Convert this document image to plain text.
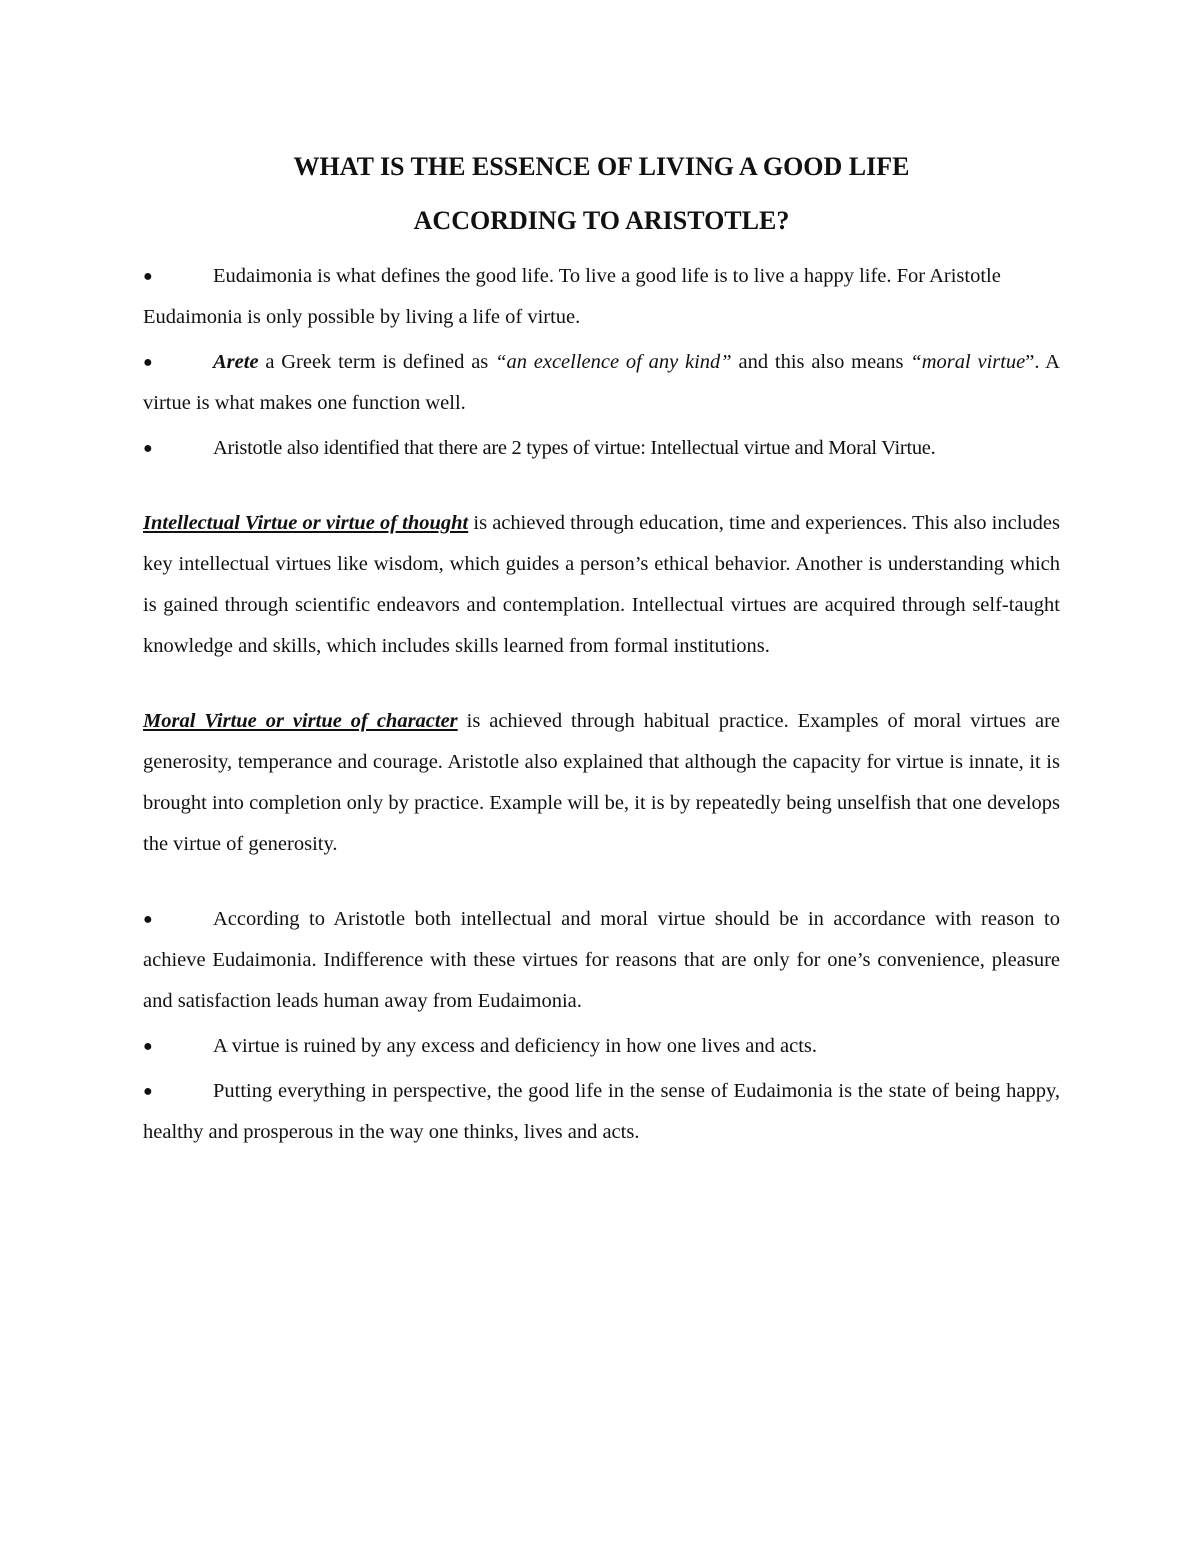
WHAT IS THE ESSENCE OF LIVING A GOOD LIFE
ACCORDING TO ARISTOTLE?

●	Eudaimonia is what defines the good life. To live a good life is to live a happy life. For Aristotle

Eudaimonia is only possible by living a life of virtue.

●	Arete a Greek term is defined as “an excellence of any kind” and this also means “moral virtue”. A virtue is what makes one function well.

●	Aristotle also identified that there are 2 types of virtue: Intellectual virtue and Moral Virtue.

Intellectual Virtue or virtue of thought is achieved through education, time and experiences. This also includes key intellectual virtues like wisdom, which guides a person’s ethical behavior. Another is understanding which is gained through scientific endeavors and contemplation. Intellectual virtues are acquired through self-taught knowledge and skills, which includes skills learned from formal institutions.

Moral Virtue or virtue of character is achieved through habitual practice. Examples of moral virtues are generosity, temperance and courage. Aristotle also explained that although the capacity for virtue is innate, it is brought into completion only by practice. Example will be, it is by repeatedly being unselfish that one develops the virtue of generosity.

●	According to Aristotle both intellectual and moral virtue should be in accordance with reason to achieve Eudaimonia. Indifference with these virtues for reasons that are only for one’s convenience, pleasure and satisfaction leads human away from Eudaimonia.

●	A virtue is ruined by any excess and deficiency in how one lives and acts.

●	Putting everything in perspective, the good life in the sense of Eudaimonia is the state of being happy, healthy and prosperous in the way one thinks, lives and acts.
